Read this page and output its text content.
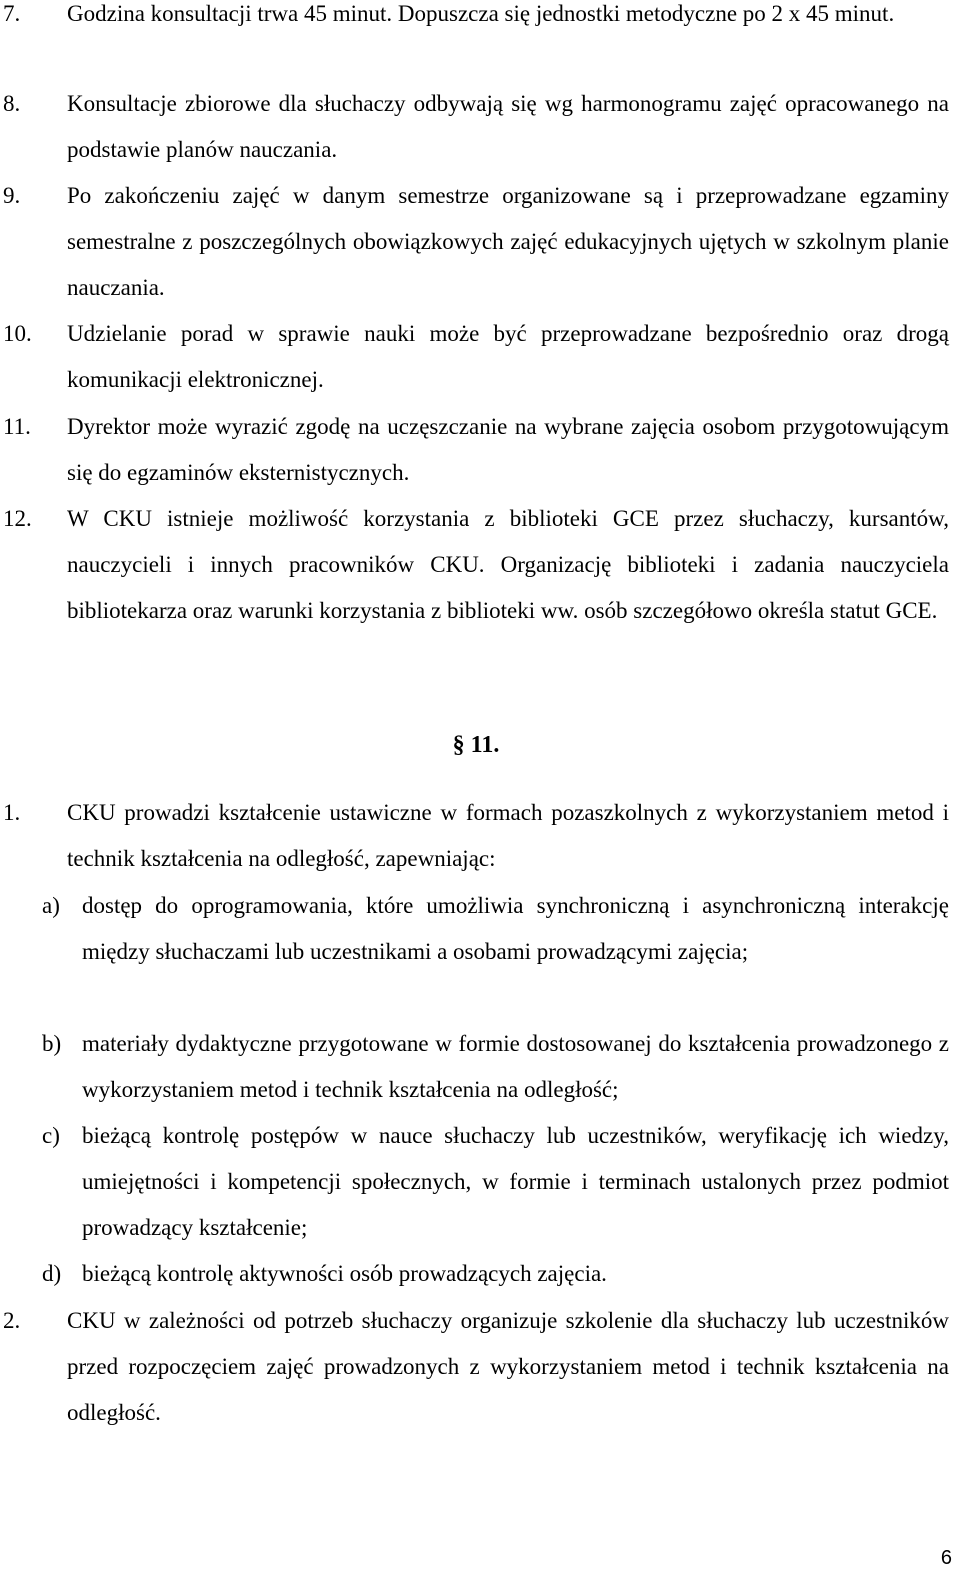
7. Godzina konsultacji trwa 45 minut. Dopuszcza się jednostki metodyczne po 2 x 45 minut.
8. Konsultacje zbiorowe dla słuchaczy odbywają się wg harmonogramu zajęć opracowanego na podstawie planów nauczania.
9. Po zakończeniu zajęć w danym semestrze organizowane są i przeprowadzane egzaminy semestralne z poszczególnych obowiązkowych zajęć edukacyjnych ujętych w szkolnym planie nauczania.
10. Udzielanie porad w sprawie nauki może być przeprowadzane bezpośrednio oraz drogą komunikacji elektronicznej.
11. Dyrektor może wyrazić zgodę na uczęszczanie na wybrane zajęcia osobom przygotowującym się do egzaminów eksternistycznych.
12. W CKU istnieje możliwość korzystania z biblioteki GCE przez słuchaczy, kursantów, nauczycieli i innych pracowników CKU. Organizację biblioteki i zadania nauczyciela bibliotekarza oraz warunki korzystania z biblioteki ww. osób szczegółowo określa statut GCE.
§ 11.
1. CKU prowadzi kształcenie ustawiczne w formach pozaszkolnych z wykorzystaniem metod i technik kształcenia na odległość, zapewniając:
a) dostęp do oprogramowania, które umożliwia synchroniczną i asynchroniczną interakcję między słuchaczami lub uczestnikami a osobami prowadzącymi zajęcia;
b) materiały dydaktyczne przygotowane w formie dostosowanej do kształcenia prowadzonego z wykorzystaniem metod i technik kształcenia na odległość;
c) bieżącą kontrolę postępów w nauce słuchaczy lub uczestników, weryfikację ich wiedzy, umiejętności i kompetencji społecznych, w formie i terminach ustalonych przez podmiot prowadzący kształcenie;
d) bieżącą kontrolę aktywności osób prowadzących zajęcia.
2. CKU w zależności od potrzeb słuchaczy organizuje szkolenie dla słuchaczy lub uczestników przed rozpoczęciem zajęć prowadzonych z wykorzystaniem metod i technik kształcenia na odległość.
6
